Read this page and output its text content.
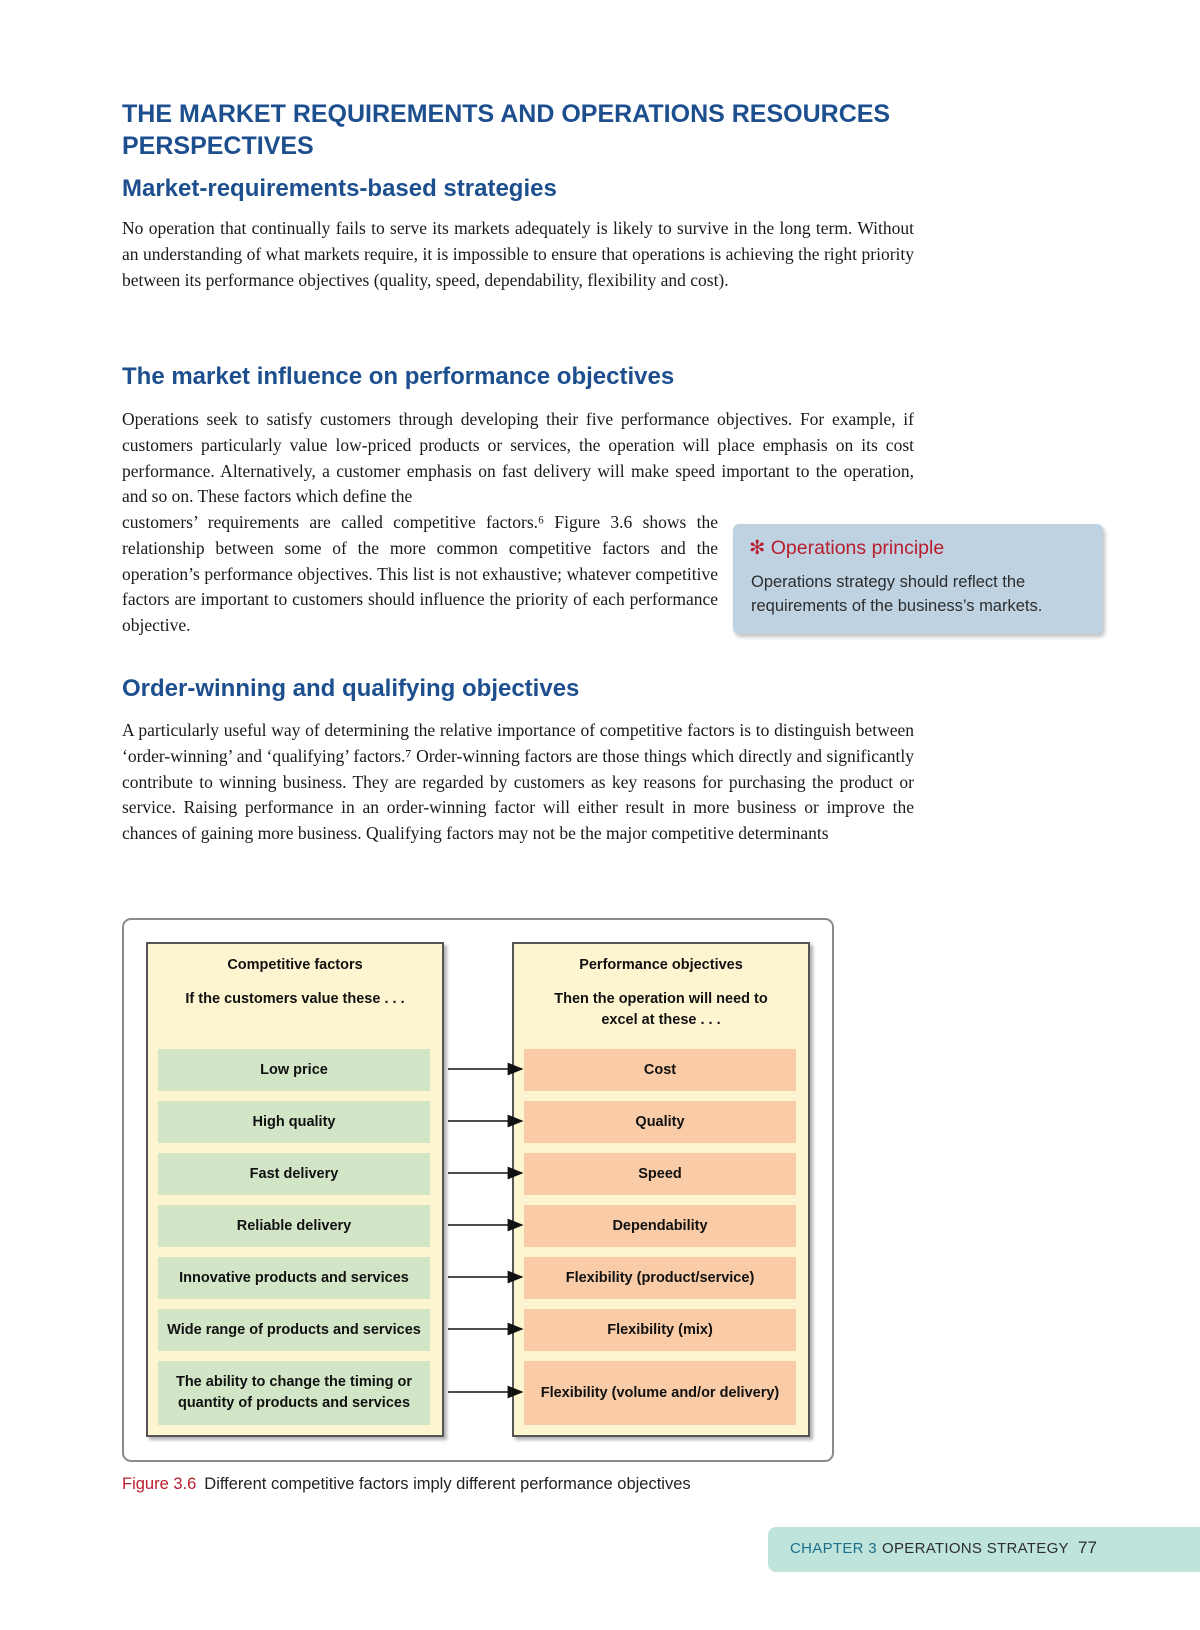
THE MARKET REQUIREMENTS AND OPERATIONS RESOURCES PERSPECTIVES
Market-requirements-based strategies

No operation that continually fails to serve its markets adequately is likely to survive in the long term. Without an understanding of what markets require, it is impossible to ensure that operations is achieving the right priority between its performance objectives (quality, speed, dependability, flexibility and cost).

The market influence on performance objectives

Operations seek to satisfy customers through developing their five performance objectives. For example, if customers particularly value low-priced products or services, the operation will place emphasis on its cost performance. Alternatively, a customer emphasis on fast delivery will make speed important to the operation, and so on. These factors which define the

customers’ requirements are called competitive factors.⁶ Figure 3.6 shows the relationship between some of the more common competitive factors and the operation’s performance objectives. This list is not exhaustive; whatever competitive factors are important to customers should influence the priority of each performance objective.

✻ Operations principle
Operations strategy should reflect the requirements of the business’s markets.
Order-winning and qualifying objectives

A particularly useful way of determining the relative importance of competitive factors is to distinguish between ‘order-winning’ and ‘qualifying’ factors.⁷ Order-winning factors are those things which directly and significantly contribute to winning business. They are regarded by customers as key reasons for purchasing the product or service. Raising performance in an order-winning factor will either result in more business or improve the chances of gaining more business. Qualifying factors may not be the major competitive determinants

Competitive factors
If the customers value these . . .
Low price
High quality
Fast delivery
Reliable delivery
Innovative products and services
Wide range of products and services
The ability to change the timing or quantity of products and services
Performance objectives
Then the operation will need to excel at these . . .
Cost
Quality
Speed
Dependability
Flexibility (product/service)
Flexibility (mix)
Flexibility (volume and/or delivery)
Figure 3.6 Different competitive factors imply different performance objectives
CHAPTER 3 OPERATIONS STRATEGY 77
